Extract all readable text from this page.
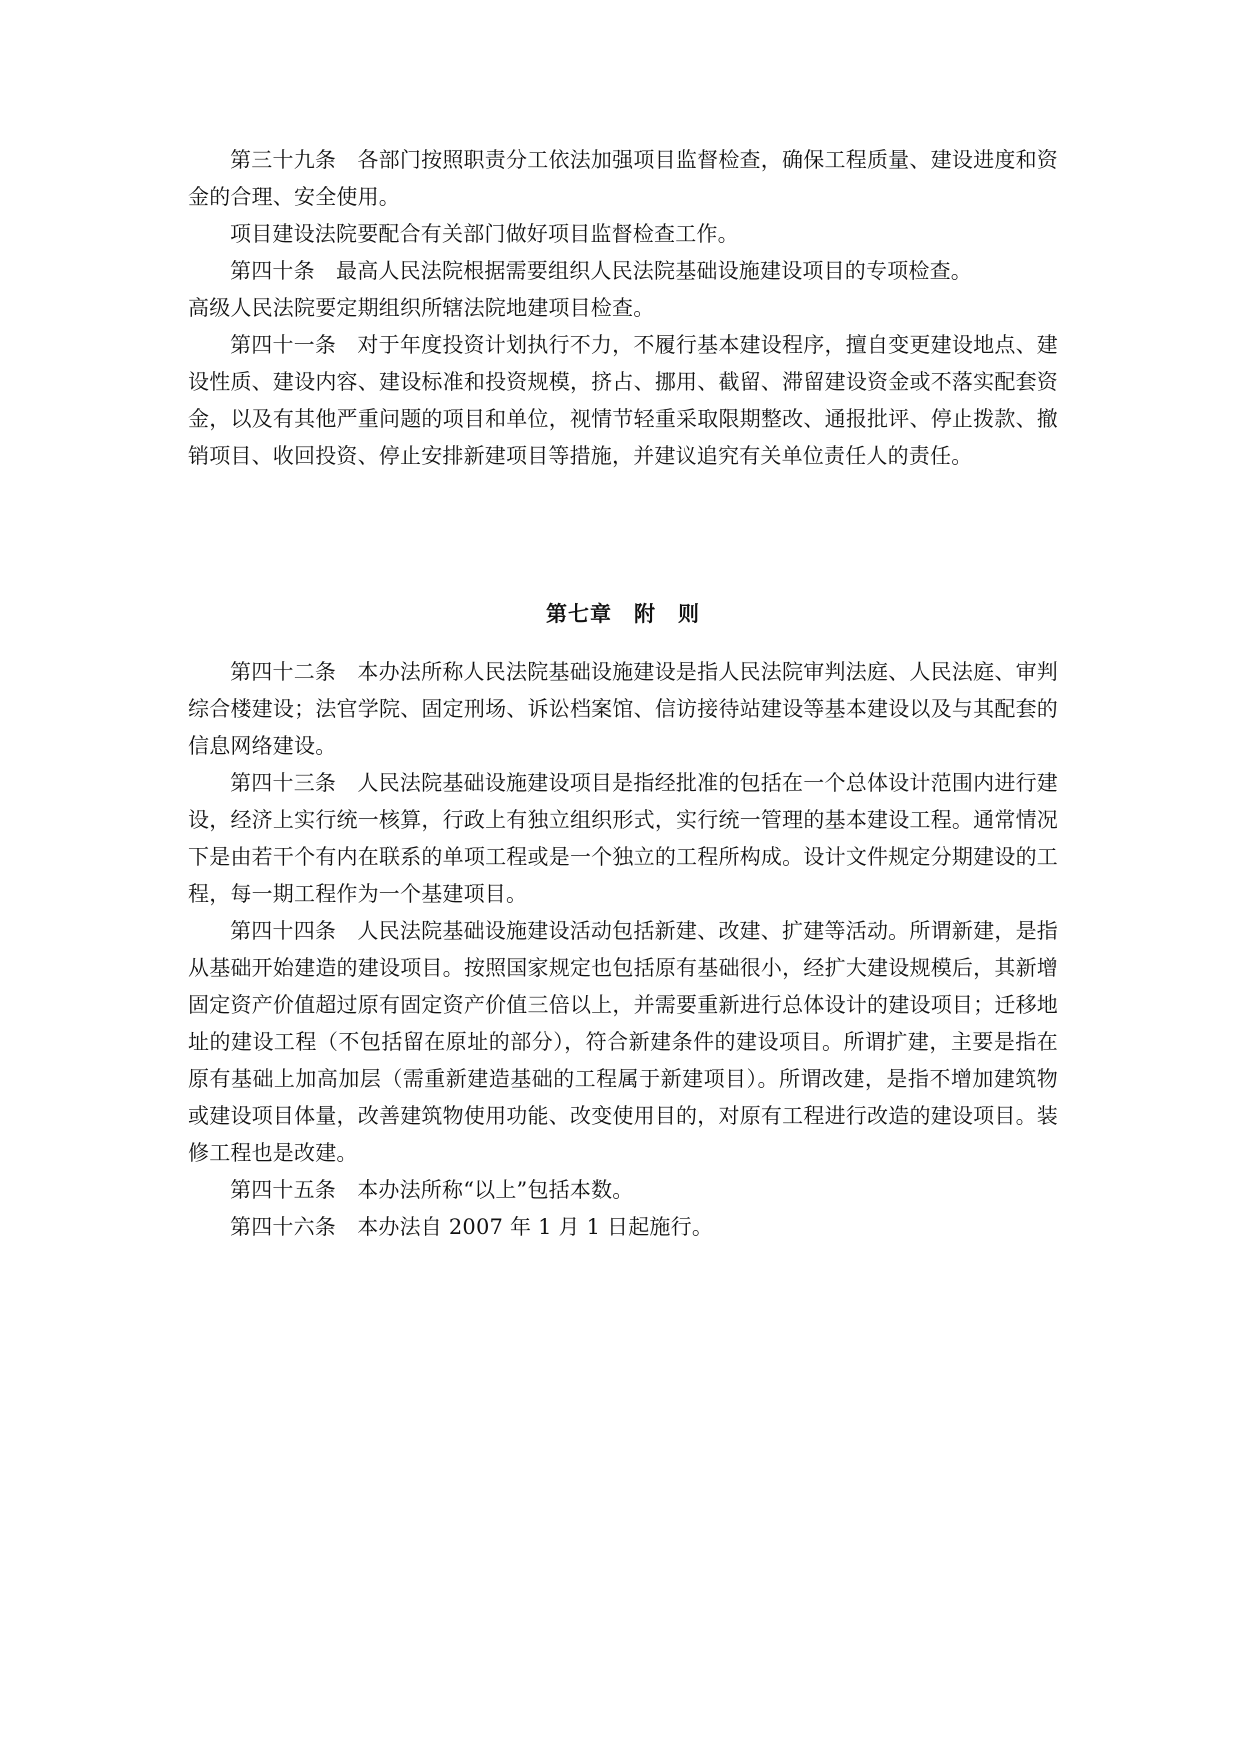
第三十九条　各部门按照职责分工依法加强项目监督检查，确保工程质量、建设进度和资金的合理、安全使用。

项目建设法院要配合有关部门做好项目监督检查工作。

第四十条　最高人民法院根据需要组织人民法院基础设施建设项目的专项检查。

高级人民法院要定期组织所辖法院地建项目检查。

第四十一条　对于年度投资计划执行不力，不履行基本建设程序，擅自变更建设地点、建设性质、建设内容、建设标准和投资规模，挤占、挪用、截留、滞留建设资金或不落实配套资金，以及有其他严重问题的项目和单位，视情节轻重采取限期整改、通报批评、停止拨款、撤销项目、收回投资、停止安排新建项目等措施，并建议追究有关单位责任人的责任。

第七章　附　则

第四十二条　本办法所称人民法院基础设施建设是指人民法院审判法庭、人民法庭、审判综合楼建设；法官学院、固定刑场、诉讼档案馆、信访接待站建设等基本建设以及与其配套的信息网络建设。

第四十三条　人民法院基础设施建设项目是指经批准的包括在一个总体设计范围内进行建设，经济上实行统一核算，行政上有独立组织形式，实行统一管理的基本建设工程。通常情况下是由若干个有内在联系的单项工程或是一个独立的工程所构成。设计文件规定分期建设的工程，每一期工程作为一个基建项目。

第四十四条　人民法院基础设施建设活动包括新建、改建、扩建等活动。所谓新建，是指从基础开始建造的建设项目。按照国家规定也包括原有基础很小，经扩大建设规模后，其新增固定资产价值超过原有固定资产价值三倍以上，并需要重新进行总体设计的建设项目；迁移地址的建设工程（不包括留在原址的部分），符合新建条件的建设项目。所谓扩建，主要是指在原有基础上加高加层（需重新建造基础的工程属于新建项目）。所谓改建，是指不增加建筑物或建设项目体量，改善建筑物使用功能、改变使用目的，对原有工程进行改造的建设项目。装修工程也是改建。

第四十五条　本办法所称“以上”包括本数。

第四十六条　本办法自 2007 年 1 月 1 日起施行。
